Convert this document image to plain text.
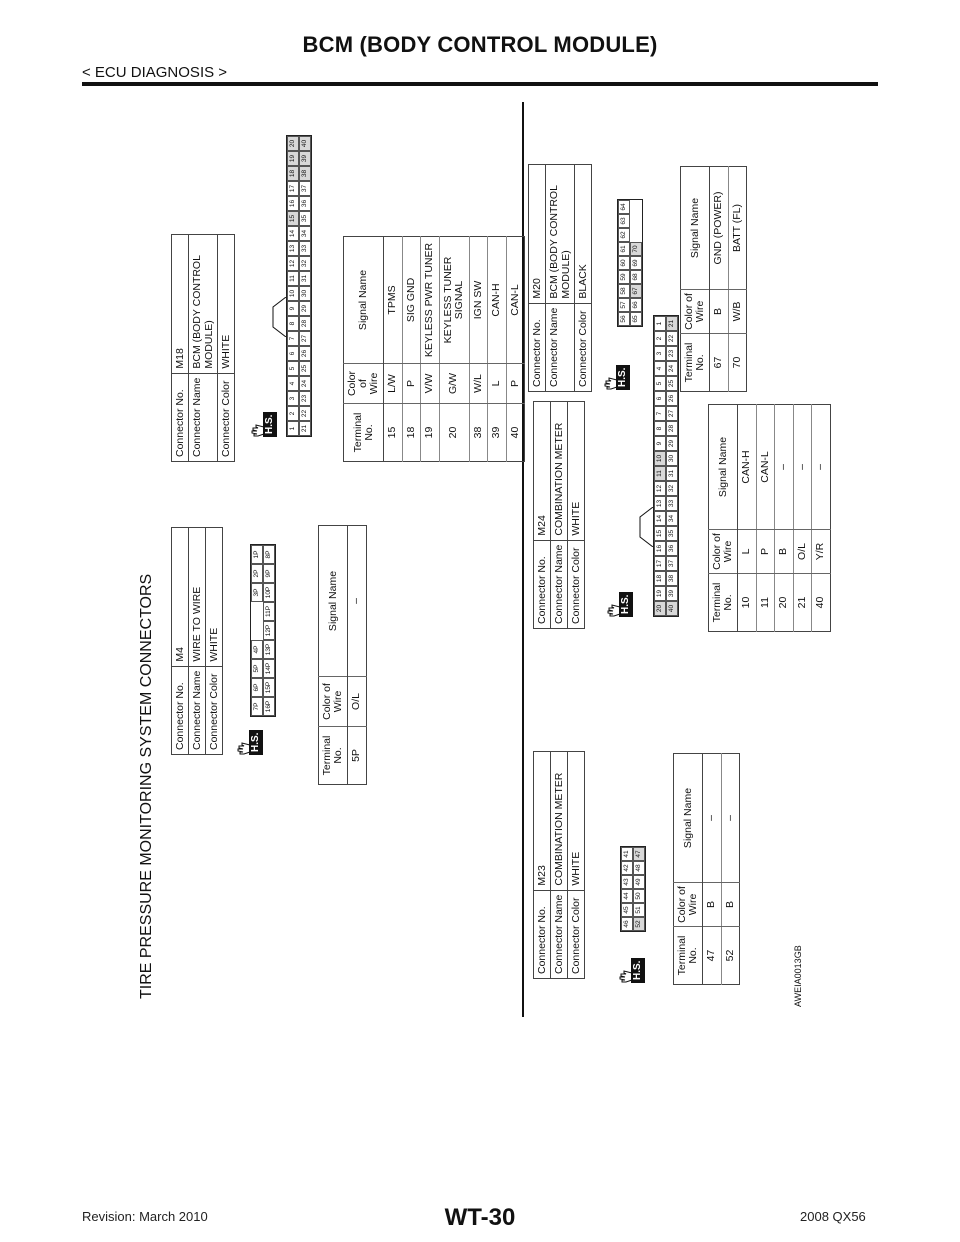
BCM (BODY CONTROL MODULE)
< ECU DIAGNOSIS >
TIRE PRESSURE MONITORING SYSTEM CONNECTORS	AWEIA0013GB
Connector No.	M4
Connector Name	WIRE TO WIRE
Connector Color	WHITE
H.S.
7P
6P
5P
4P
3P
2P
1P
16P
15P
14P
13P
12P
11P
10P
9P
8P
Terminal No.	Color of Wire	Signal Name
5P	O/L	–
Connector No.	M18
Connector Name	BCM (BODY CONTROL MODULE)
Connector Color	WHITE
H.S.	1
2
3
4
5
6
7
8
9
10
11
12
13
14
15
16
17
18
19
20
21
22
23
24
25
26
27
28
29
30
31
32
33
34
35
36
37
38
39
40
Terminal No.	Color of Wire	Signal Name
15	L/W	TPMS
18	P	SIG GND
19	V/W	KEYLESS PWR TUNER
20	G/W	KEYLESS TUNER SIGNAL
38	W/L	IGN SW
39	L	CAN-H
40	P	CAN-L
Connector No.	M20
Connector Name	BCM (BODY CONTROL MODULE)
Connector Color	BLACK
H.S.
56
57
58
59
60
61
62
63
64
65
66
67
68
69
70
Terminal No.	Color of Wire	Signal Name
67	B	GND (POWER)
70	W/B	BATT (FL)
Connector No.	M23
Connector Name	COMBINATION METER
Connector Color	WHITE
H.S.
46
45
44
43
42
41
52
51
50
49
48
47
Terminal No.	Color of Wire	Signal Name
47	B	–
52	B	–
Connector No.	M24
Connector Name	COMBINATION METER
Connector Color	WHITE
H.S.	20
19
18
17
16
15
14
13
12
11
10
9
8
7
6
5
4
3
2
1
40
39
38
37
36
35
34
33
32
31
30
29
28
27
26
25
24
23
22
21
Terminal No.	Color of Wire	Signal Name
10	L	CAN-H
11	P	CAN-L
20	B	–
21	O/L	–
40	Y/R	–
WT-30
Revision: March 2010	2008 QX56
